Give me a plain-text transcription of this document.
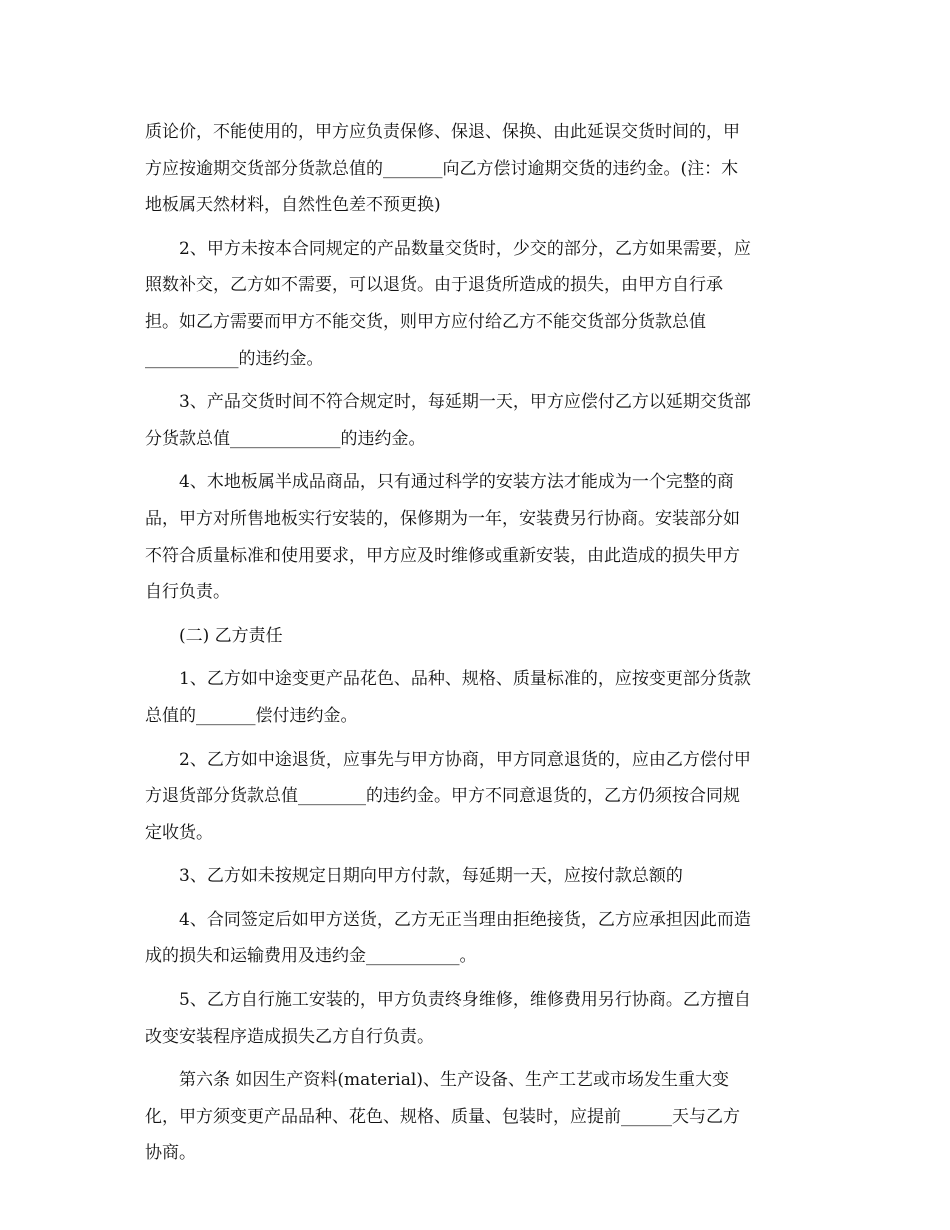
质论价，不能使用的，甲方应负责保修、保退、保换、由此延误交货时间的，甲
方应按逾期交货部分货款总值的_______向乙方偿讨逾期交货的违约金。(注：木
地板属天然材料，自然性色差不预更换)
2、甲方未按本合同规定的产品数量交货时，少交的部分，乙方如果需要，应
照数补交，乙方如不需要，可以退货。由于退货所造成的损失，由甲方自行承
担。如乙方需要而甲方不能交货，则甲方应付给乙方不能交货部分货款总值
___________的违约金。
3、产品交货时间不符合规定时，每延期一天，甲方应偿付乙方以延期交货部
分货款总值_____________的违约金。
4、木地板属半成品商品，只有通过科学的安装方法才能成为一个完整的商
品，甲方对所售地板实行安装的，保修期为一年，安装费另行协商。安装部分如
不符合质量标准和使用要求，甲方应及时维修或重新安装，由此造成的损失甲方
自行负责。
(二) 乙方责任
1、乙方如中途变更产品花色、品种、规格、质量标准的，应按变更部分货款
总值的_______偿付违约金。
2、乙方如中途退货，应事先与甲方协商，甲方同意退货的，应由乙方偿付甲
方退货部分货款总值________的违约金。甲方不同意退货的，乙方仍须按合同规
定收货。
3、乙方如未按规定日期向甲方付款，每延期一天，应按付款总额的
4、合同签定后如甲方送货，乙方无正当理由拒绝接货，乙方应承担因此而造
成的损失和运输费用及违约金___________。
5、乙方自行施工安装的，甲方负责终身维修，维修费用另行协商。乙方擅自
改变安装程序造成损失乙方自行负责。
第六条 如因生产资料(material)、生产设备、生产工艺或市场发生重大变
化，甲方须变更产品品种、花色、规格、质量、包装时，应提前______天与乙方
协商。
